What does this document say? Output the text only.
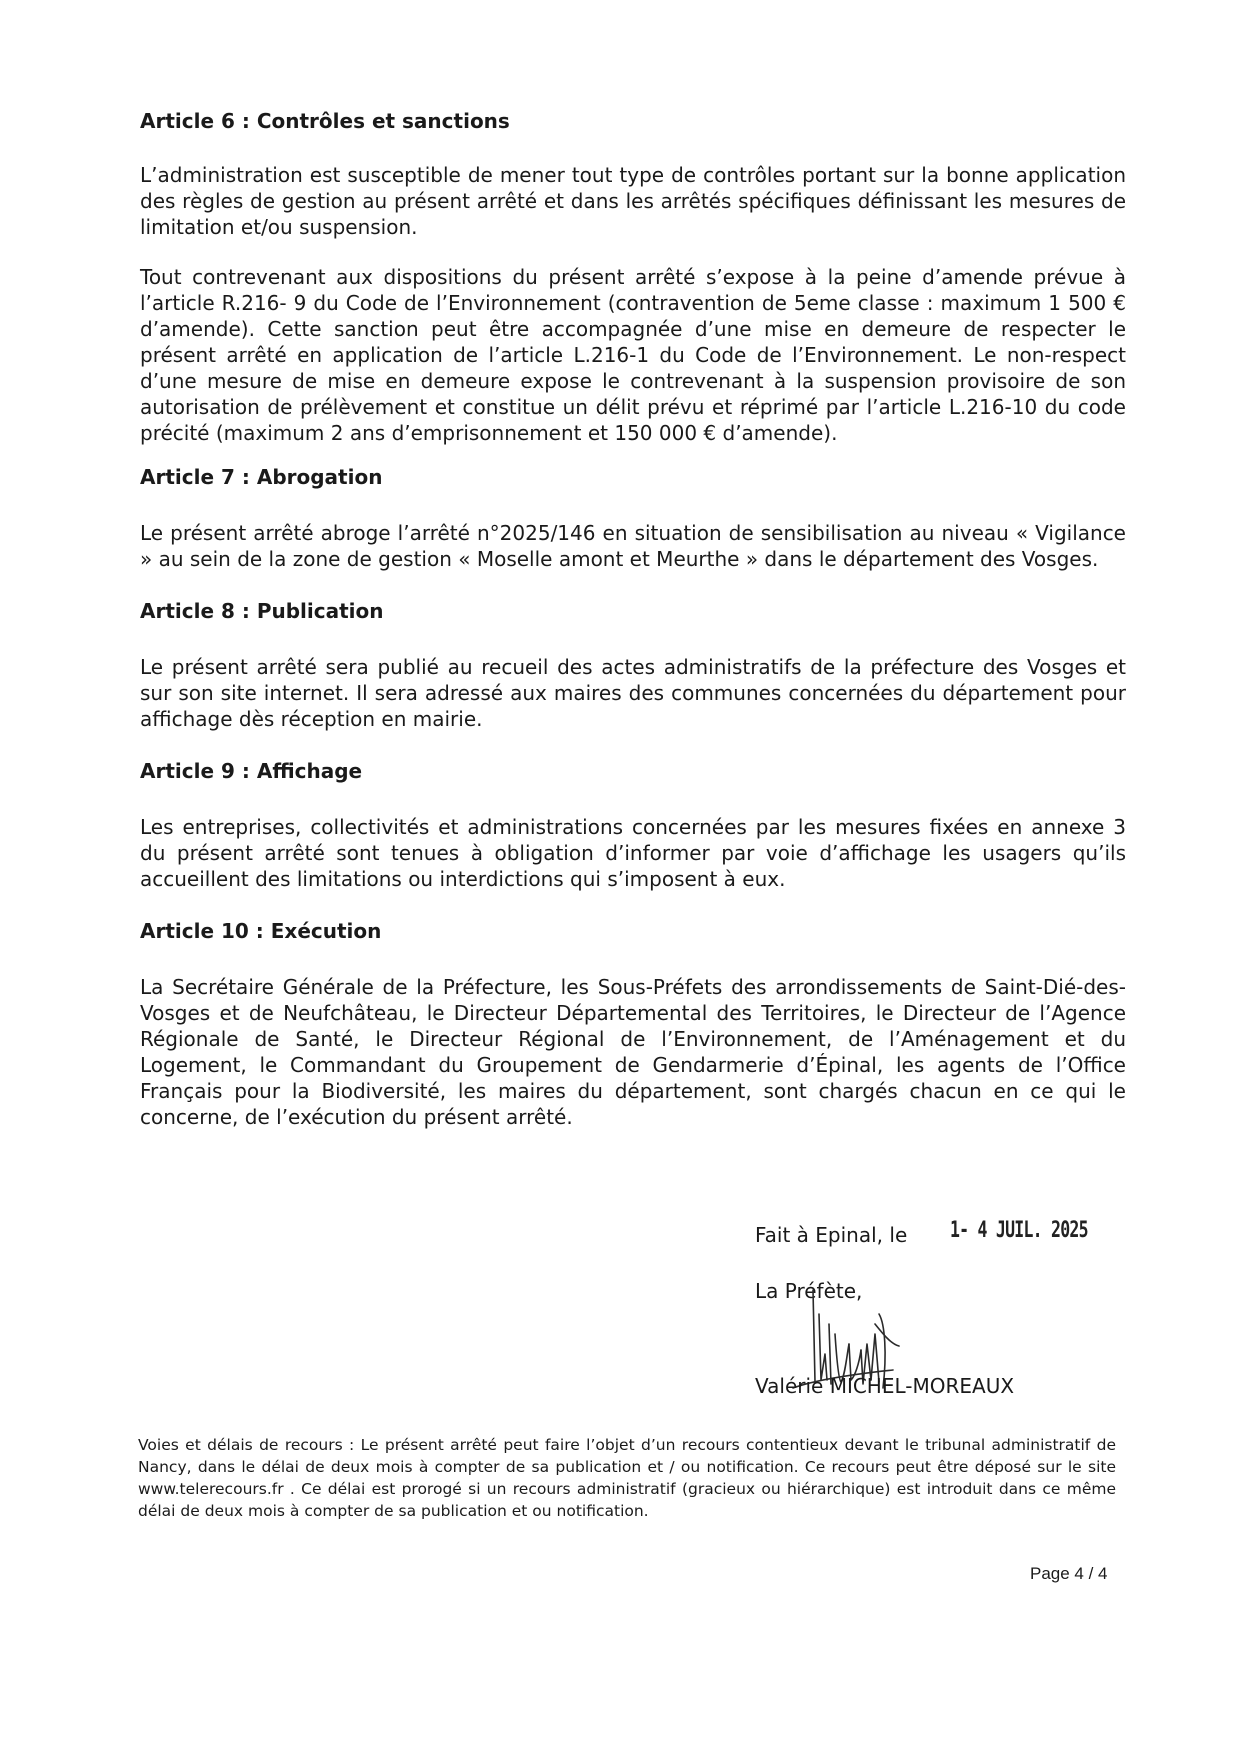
Article 6 : Contrôles et sanctions

L’administration est susceptible de mener tout type de contrôles portant sur la bonne application des règles de gestion au présent arrêté et dans les arrêtés spécifiques définissant les mesures de limitation et/ou suspension.

Tout contrevenant aux dispositions du présent arrêté s’expose à la peine d’amende prévue à l’article R.216- 9 du Code de l’Environnement (contravention de 5eme classe : maximum 1 500 € d’amende). Cette sanction peut être accompagnée d’une mise en demeure de respecter le présent arrêté en application de l’article L.216-1 du Code de l’Environnement. Le non-respect d’une mesure de mise en demeure expose le contrevenant à la suspension provisoire de son autorisation de prélèvement et constitue un délit prévu et réprimé par l’article L.216-10 du code précité (maximum 2 ans d’emprisonnement et 150 000 € d’amende).

Article 7 : Abrogation

Le présent arrêté abroge l’arrêté n°2025/146 en situation de sensibilisation au niveau « Vigilance » au sein de la zone de gestion « Moselle amont et Meurthe » dans le département des Vosges.

Article 8 : Publication

Le présent arrêté sera publié au recueil des actes administratifs de la préfecture des Vosges et sur son site internet. Il sera adressé aux maires des communes concernées du département pour affichage dès réception en mairie.

Article 9 : Affichage

Les entreprises, collectivités et administrations concernées par les mesures fixées en annexe 3 du présent arrêté sont tenues à obligation d’informer par voie d’affichage les usagers qu’ils accueillent des limitations ou interdictions qui s’imposent à eux.

Article 10 : Exécution

La Secrétaire Générale de la Préfecture, les Sous-Préfets des arrondissements de Saint-Dié-des-Vosges et de Neufchâteau, le Directeur Départemental des Territoires, le Directeur de l’Agence Régionale de Santé, le Directeur Régional de l’Environnement, de l’Aménagement et du Logement, le Commandant du Groupement de Gendarmerie d’Épinal, les agents de l’Office Français pour la Biodiversité, les maires du département, sont chargés chacun en ce qui le concerne, de l’exécution du présent arrêté.

Fait à Epinal, le 1- 4 JUIL. 2025
La Préfète,
Valérie MICHEL-MOREAUX

Voies et délais de recours : Le présent arrêté peut faire l’objet d’un recours contentieux devant le tribunal administratif de Nancy, dans le délai de deux mois à compter de sa publication et / ou notification. Ce recours peut être déposé sur le site www.telerecours.fr . Ce délai est prorogé si un recours administratif (gracieux ou hiérarchique) est introduit dans ce même délai de deux mois à compter de sa publication et ou notification.

Page 4 / 4
